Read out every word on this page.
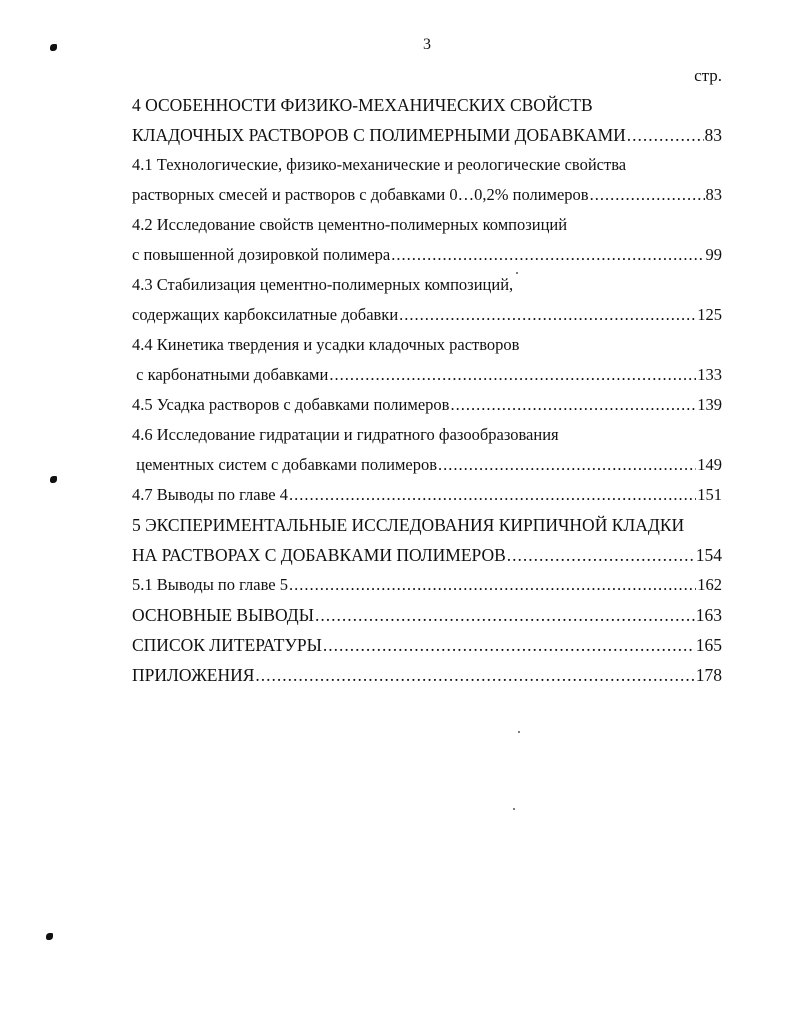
3
стр.
4 ОСОБЕННОСТИ ФИЗИКО-МЕХАНИЧЕСКИХ СВОЙСТВ
КЛАДОЧНЫХ РАСТВОРОВ С ПОЛИМЕРНЫМИ ДОБАВКАМИ .....	83
4.1 Технологические, физико-механические и реологические свойства
растворных смесей и растворов с добавками 0…0,2% полимеров .....	83
4.2 Исследование свойств цементно-полимерных композиций
с повышенной дозировкой полимера .....	99
4.3 Стабилизация цементно-полимерных композиций,
содержащих карбоксилатные добавки .....	125
4.4 Кинетика твердения и усадки кладочных растворов
с карбонатными добавками .....	133
4.5 Усадка растворов с добавками полимеров .....	139
4.6 Исследование гидратации и гидратного фазообразования
цементных систем с добавками полимеров .....	149
4.7 Выводы по главе 4 .....	151
5 ЭКСПЕРИМЕНТАЛЬНЫЕ ИССЛЕДОВАНИЯ КИРПИЧНОЙ КЛАДКИ
НА РАСТВОРАХ С ДОБАВКАМИ ПОЛИМЕРОВ .....	154
5.1 Выводы по главе 5 .....	162
ОСНОВНЫЕ ВЫВОДЫ .....	163
СПИСОК ЛИТЕРАТУРЫ .....	165
ПРИЛОЖЕНИЯ .....	178
